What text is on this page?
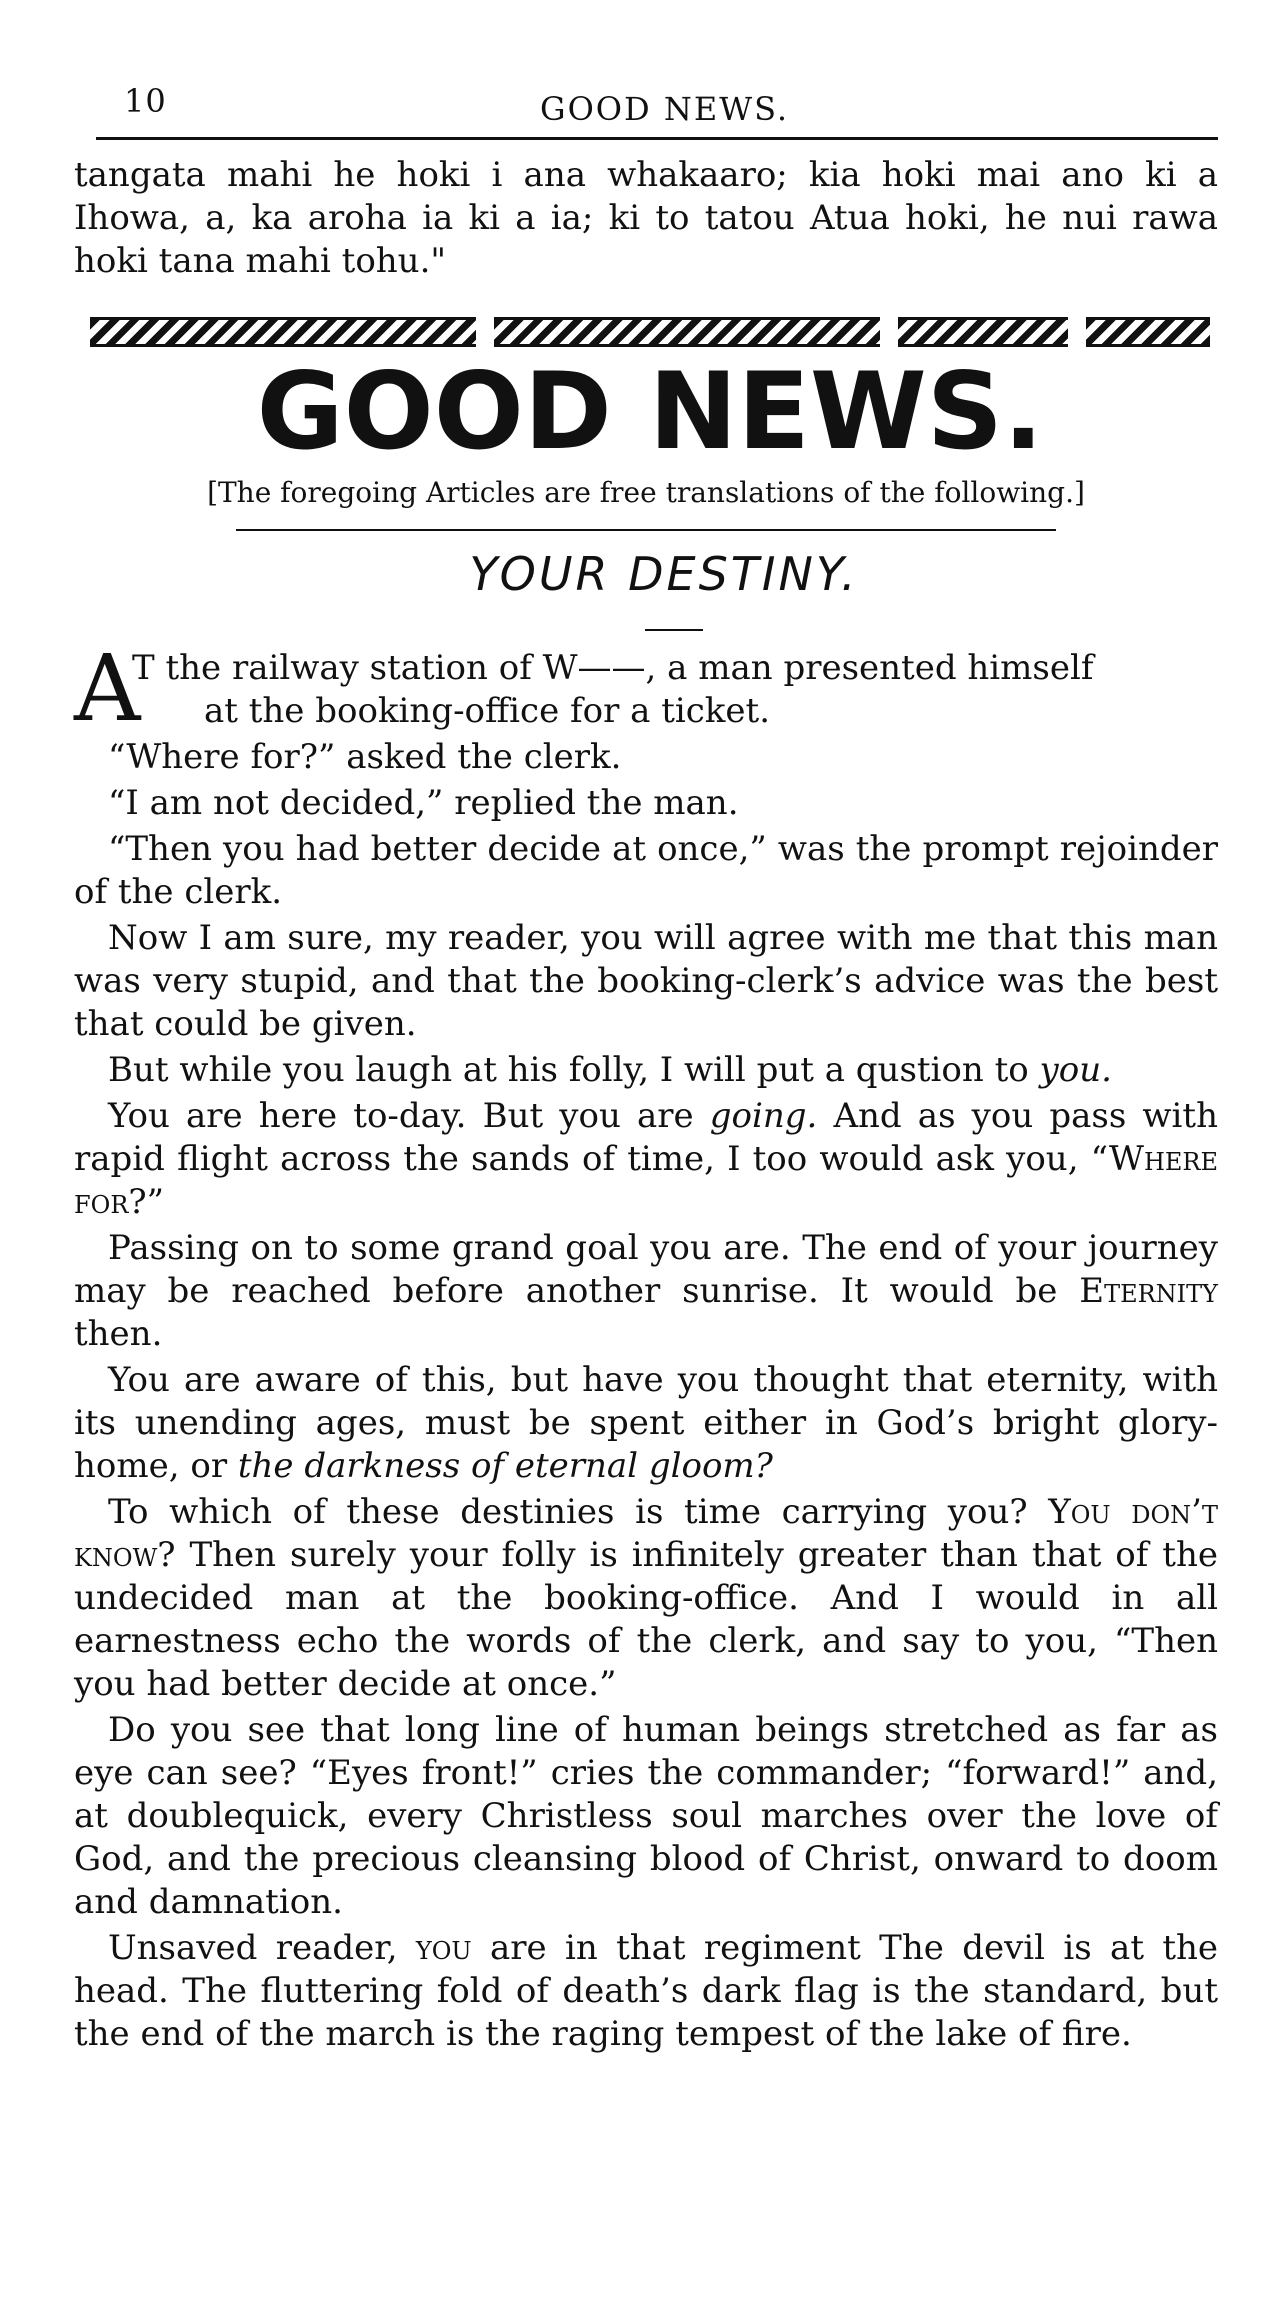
10	GOOD NEWS.

tangata mahi he hoki i ana whakaaro; kia hoki mai ano ki a Ihowa, a, ka aroha ia ki a ia; ki to tatou Atua hoki, he nui rawa hoki tana mahi tohu."

GOOD NEWS.
[The foregoing Articles are free translations of the following.]
YOUR DESTINY.

A
T the railway station of W——, a man presented himself
at the booking-office for a ticket.

“Where for?” asked the clerk.

“I am not decided,” replied the man.

“Then you had better decide at once,” was the prompt rejoinder of the clerk.

Now I am sure, my reader, you will agree with me that this man was very stupid, and that the booking-clerk’s advice was the best that could be given.

But while you laugh at his folly, I will put a qustion to you.

You are here to-day. But you are going. And as you pass with rapid flight across the sands of time, I too would ask you, “Where for?”

Passing on to some grand goal you are. The end of your journey may be reached before another sunrise. It would be Eternity then.

You are aware of this, but have you thought that eternity, with its unending ages, must be spent either in God’s bright glory-home, or the darkness of eternal gloom?

To which of these destinies is time carrying you? You don’t know? Then surely your folly is infinitely greater than that of the undecided man at the booking-office. And I would in all earnestness echo the words of the clerk, and say to you, “Then you had better decide at once.”

Do you see that long line of human beings stretched as far as eye can see? “Eyes front!” cries the commander; “forward!” and, at doublequick, every Christless soul marches over the love of God, and the precious cleansing blood of Christ, onward to doom and damnation.

Unsaved reader, you are in that regiment The devil is at the head. The fluttering fold of death’s dark flag is the standard, but the end of the march is the raging tempest of the lake of fire.
